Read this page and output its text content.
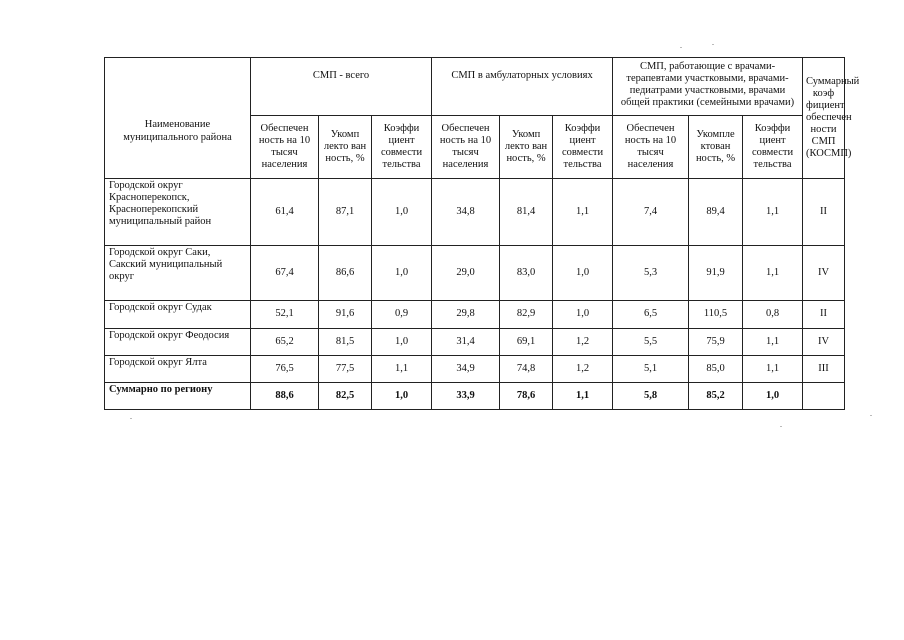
Наименование муниципального района	СМП - всего			СМП в амбулаторных условиях			СМП, работающие с врачами-терапевтами участковыми, врачами-педиатрами участковыми, врачами общей практики (семейными врачами)			Суммарный коэф фициент обеспечен ности СМП (КОСМП)
	Обеспечен ность на 10 тысяч населения	Укомп лекто ван ность, %	Коэффи циент совмести тельства	Обеспечен ность на 10 тысяч населения	Укомп лекто ван ность, %	Коэффи циент совмести тельства	Обеспечен ность на 10 тысяч населения	Укомпле ктован ность, %	Коэффи циент совмести тельства	
Городской округ Красноперекопск, Красноперекопский муниципальный район	61,4	87,1	1,0	34,8	81,4	1,1	7,4	89,4	1,1	II
Городской округ Саки, Сакский муниципальный округ	67,4	86,6	1,0	29,0	83,0	1,0	5,3	91,9	1,1	IV
Городской округ Судак	52,1	91,6	0,9	29,8	82,9	1,0	6,5	110,5	0,8	II
Городской округ Феодосия	65,2	81,5	1,0	31,4	69,1	1,2	5,5	75,9	1,1	IV
Городской округ Ялта	76,5	77,5	1,1	34,9	74,8	1,2	5,1	85,0	1,1	III
Суммарно по региону	88,6	82,5	1,0	33,9	78,6	1,1	5,8	85,2	1,0	
